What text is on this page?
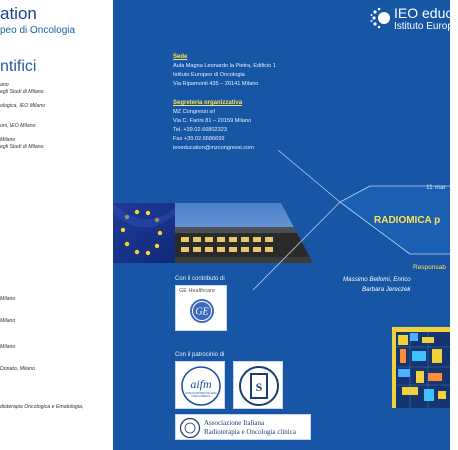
ation
peo di Oncologia
ntifici
ano
egli Studi di Milano
ologica, IEO Milano
oni, IEO Milano
Milano
egli Studi di Milano
Milano
Milano
Milano
Donato, Milano
dioterapia Oncologica e Ematologia,
Sede
Aula Magna Leonardo la Pietra, Edificio 1
Istituto Europeo di Oncologia
Via Ripamonti 435 – 20141 Milano
Segreteria organizzativa
MZ Congressi srl
Via C. Farini 81 – 20159 Milano
Tel. +39.02.66802323
Fax +39.02.6686699
ieoeducation@mzcongressi.com
Con il contributo di
GE Healthcare
GE
Con il patrocinio di
aifm
ASSOCIAZIONE ITALIANA FISICA MEDICA
S
Associazione Italiana
Radioterapia e Oncologia clinica
IEO educ
Istituto Europe
11 mar
RADIOMICA p
Responsab
Massimo Bellomi, Enrico
Barbara Jereczek
